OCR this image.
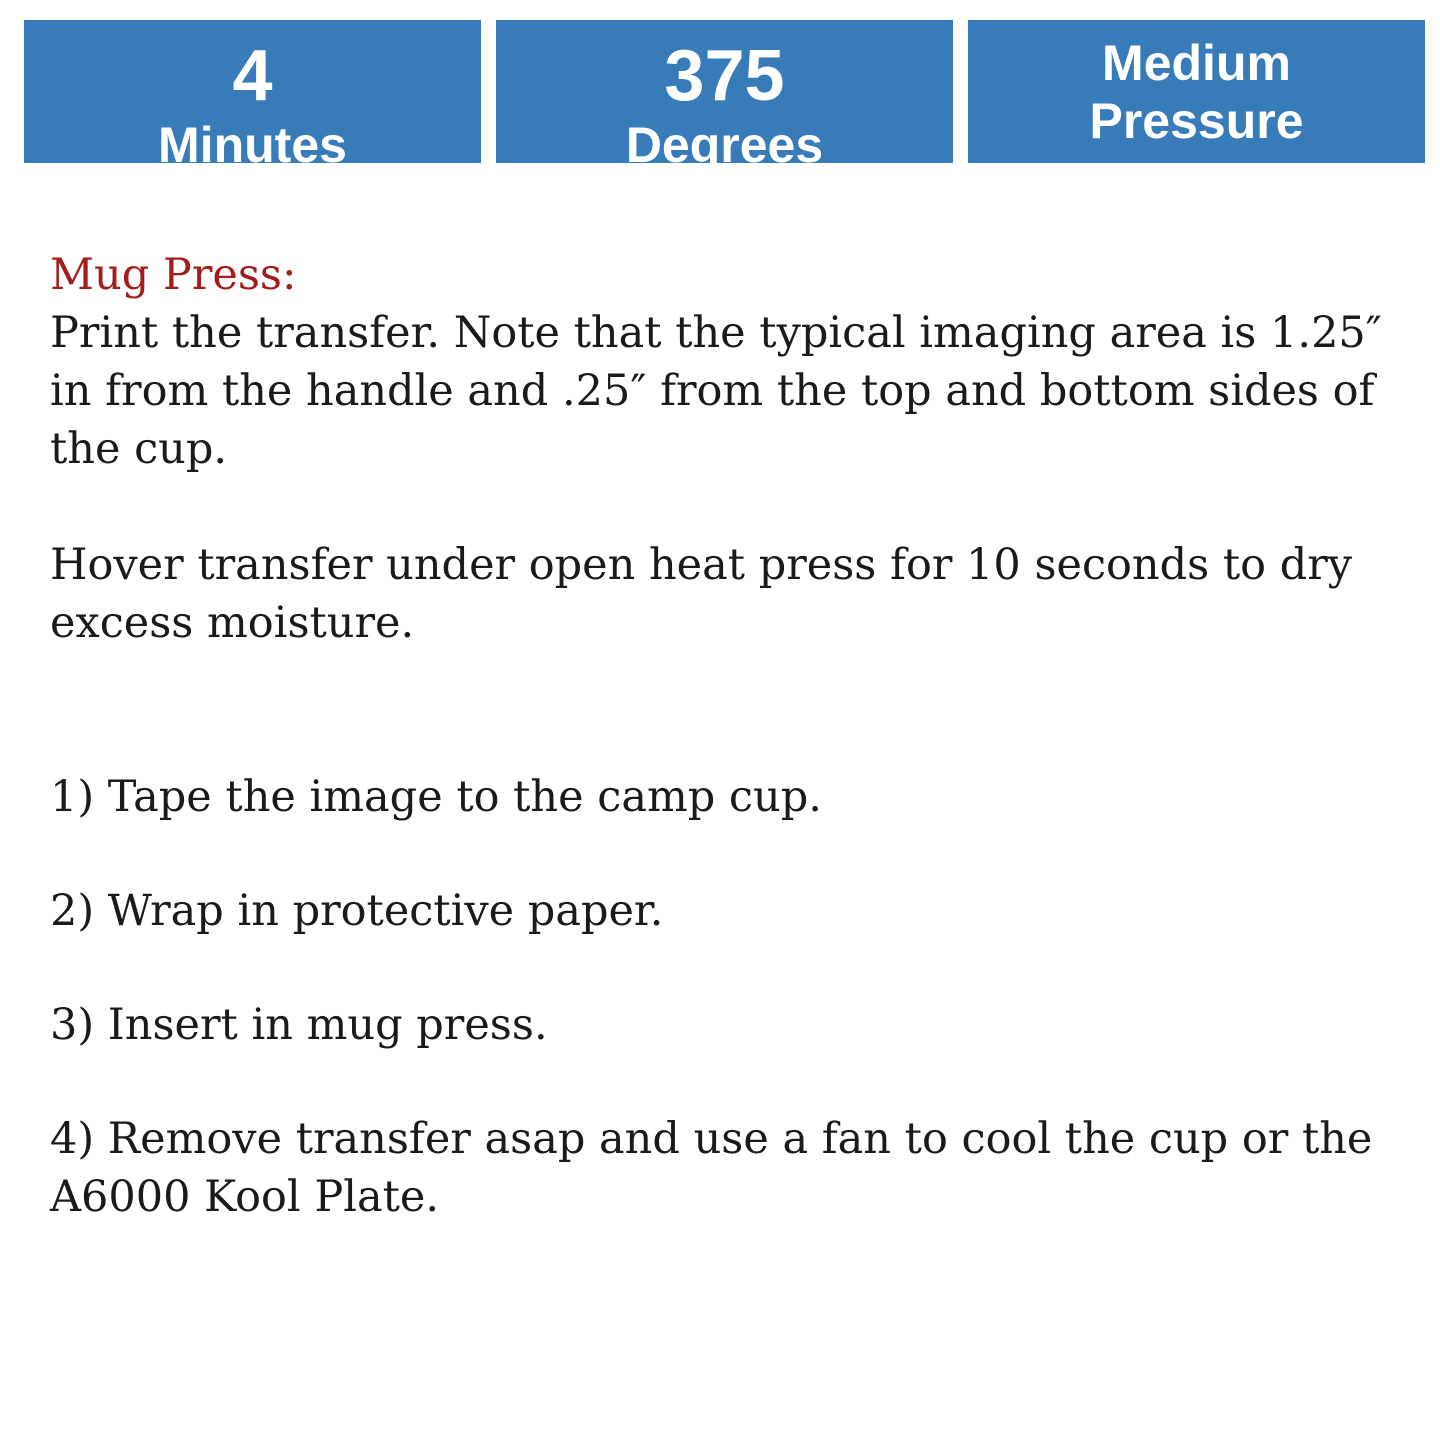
4
Minutes
375
Degrees
Medium
Pressure

Mug Press:

Print the transfer. Note that the typical imaging area is 1.25″ in from the handle and .25″ from the top and bottom sides of the cup.

Hover transfer under open heat press for 10 seconds to dry excess moisture.

1) Tape the image to the camp cup.

2) Wrap in protective paper.

3) Insert in mug press.

4) Remove transfer asap and use a fan to cool the cup or the A6000 Kool Plate.
